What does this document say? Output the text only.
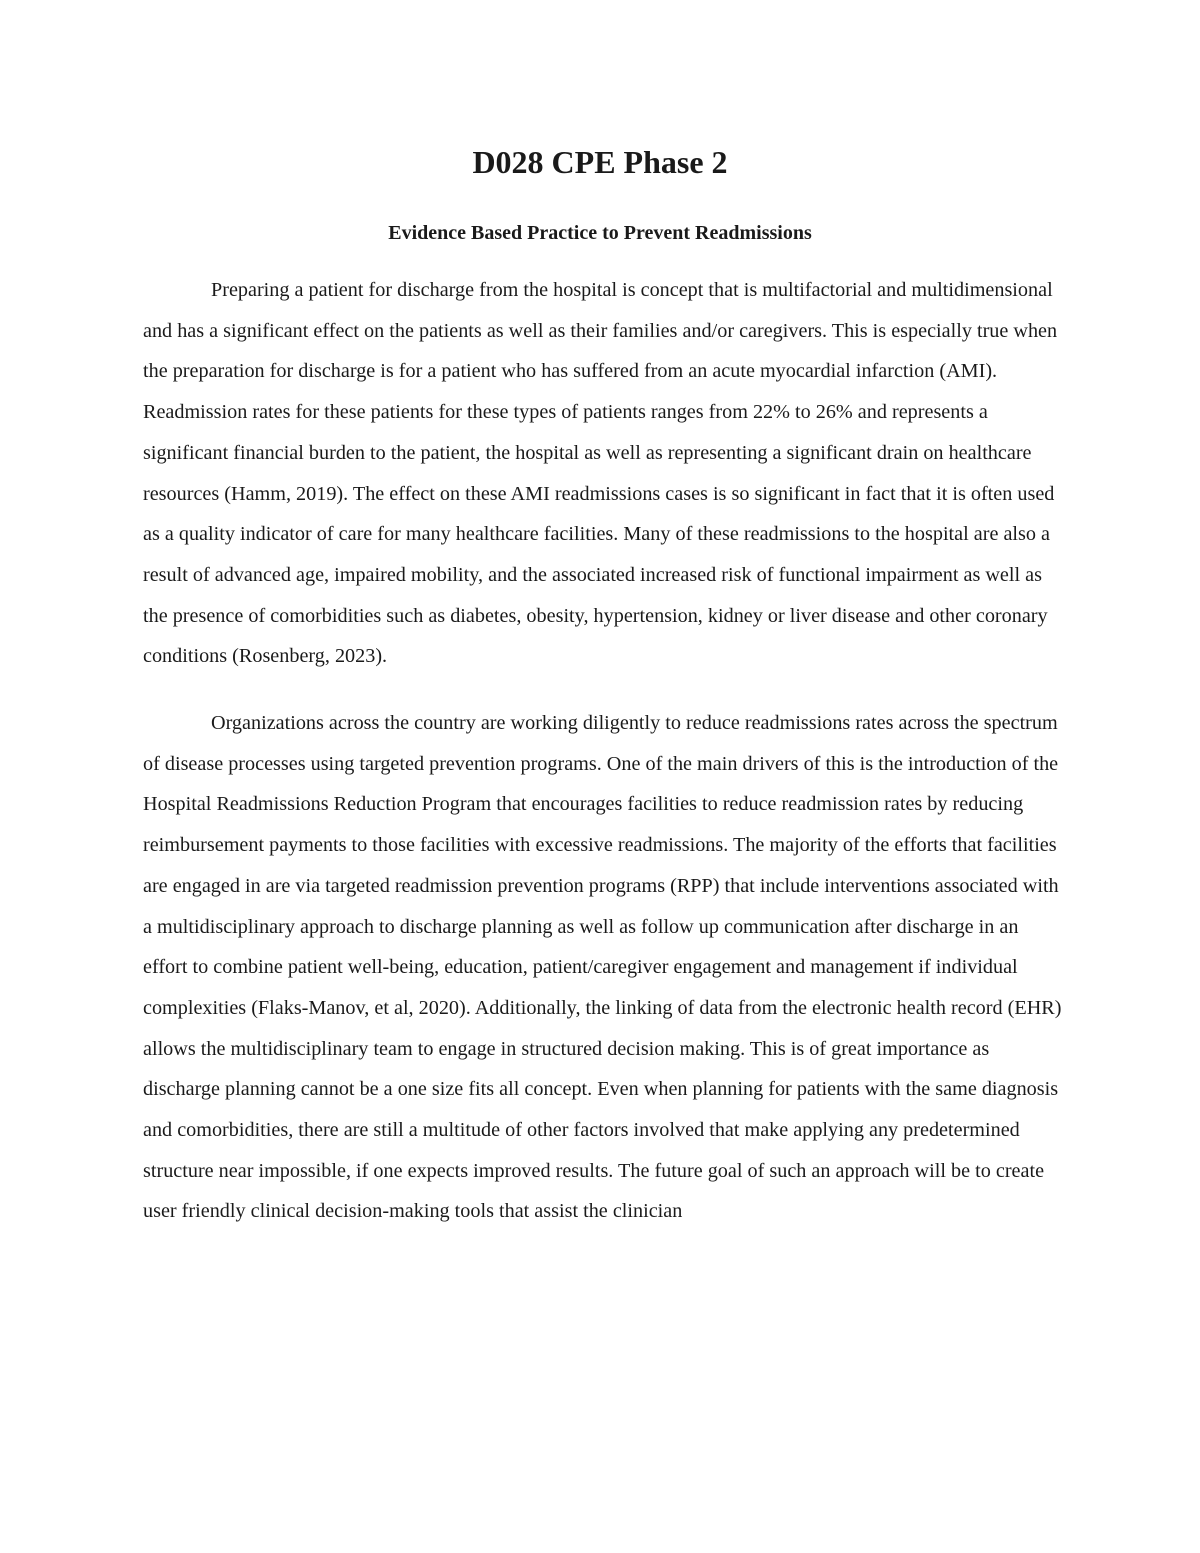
D028 CPE Phase 2
Evidence Based Practice to Prevent Readmissions

Preparing a patient for discharge from the hospital is concept that is multifactorial and multidimensional and has a significant effect on the patients as well as their families and/or caregivers. This is especially true when the preparation for discharge is for a patient who has suffered from an acute myocardial infarction (AMI). Readmission rates for these patients for these types of patients ranges from 22% to 26% and represents a significant financial burden to the patient, the hospital as well as representing a significant drain on healthcare resources (Hamm, 2019). The effect on these AMI readmissions cases is so significant in fact that it is often used as a quality indicator of care for many healthcare facilities. Many of these readmissions to the hospital are also a result of advanced age, impaired mobility, and the associated increased risk of functional impairment as well as the presence of comorbidities such as diabetes, obesity, hypertension, kidney or liver disease and other coronary conditions (Rosenberg, 2023).

Organizations across the country are working diligently to reduce readmissions rates across the spectrum of disease processes using targeted prevention programs. One of the main drivers of this is the introduction of the Hospital Readmissions Reduction Program that encourages facilities to reduce readmission rates by reducing reimbursement payments to those facilities with excessive readmissions. The majority of the efforts that facilities are engaged in are via targeted readmission prevention programs (RPP) that include interventions associated with a multidisciplinary approach to discharge planning as well as follow up communication after discharge in an effort to combine patient well-being, education, patient/caregiver engagement and management if individual complexities (Flaks-Manov, et al, 2020). Additionally, the linking of data from the electronic health record (EHR) allows the multidisciplinary team to engage in structured decision making. This is of great importance as discharge planning cannot be a one size fits all concept. Even when planning for patients with the same diagnosis and comorbidities, there are still a multitude of other factors involved that make applying any predetermined structure near impossible, if one expects improved results. The future goal of such an approach will be to create user friendly clinical decision-making tools that assist the clinician
